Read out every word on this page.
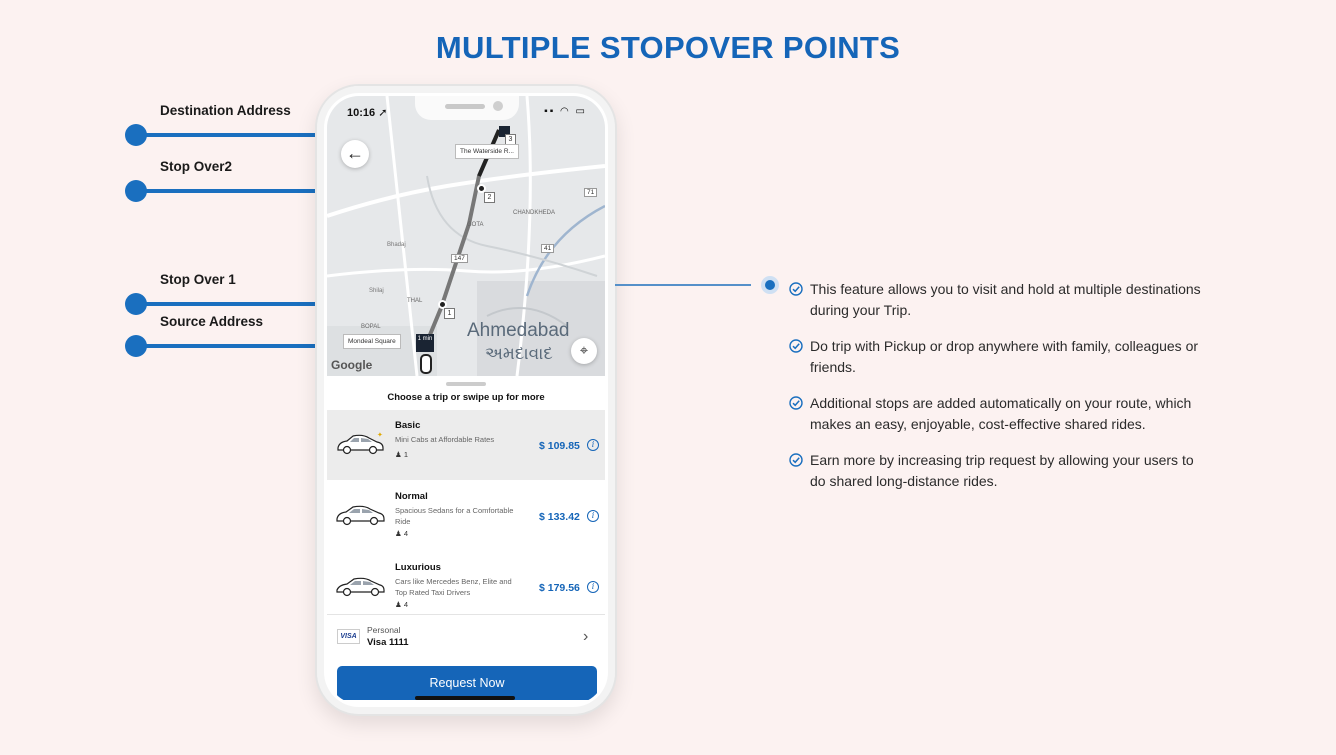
MULTIPLE STOPOVER POINTS
Destination Address
Stop Over2
Stop Over 1
Source Address
10:16 ➚	▪▪ ◠ ▭
←
3
The Waterside R...
2
1
1 min
Mondeal Square
147
71
41
CHANDKHEDA
GOTA
Bhadaj
Shilaj
BOPAL
THAL
Ahmedabad
અમદાવાદ
Google
⌖
Choose a trip or swipe up for more
✦
Basic
Mini Cabs at Affordable Rates
♟ 1
$ 109.85	i
Normal
Spacious Sedans for a Comfortable Ride
♟ 4
$ 133.42	i
Luxurious
Cars like Mercedes Benz, Elite and Top Rated Taxi Drivers
♟ 4
$ 179.56	i
VISA
Personal
Visa 1111	›
Request Now
This feature allows you to visit and hold at multiple destinations during your Trip.
Do trip with Pickup or drop anywhere with family, colleagues or friends.
Additional stops are added automatically on your route, which makes an easy, enjoyable, cost-effective shared rides.
Earn more by increasing trip request by allowing your users to do shared long-distance rides.
